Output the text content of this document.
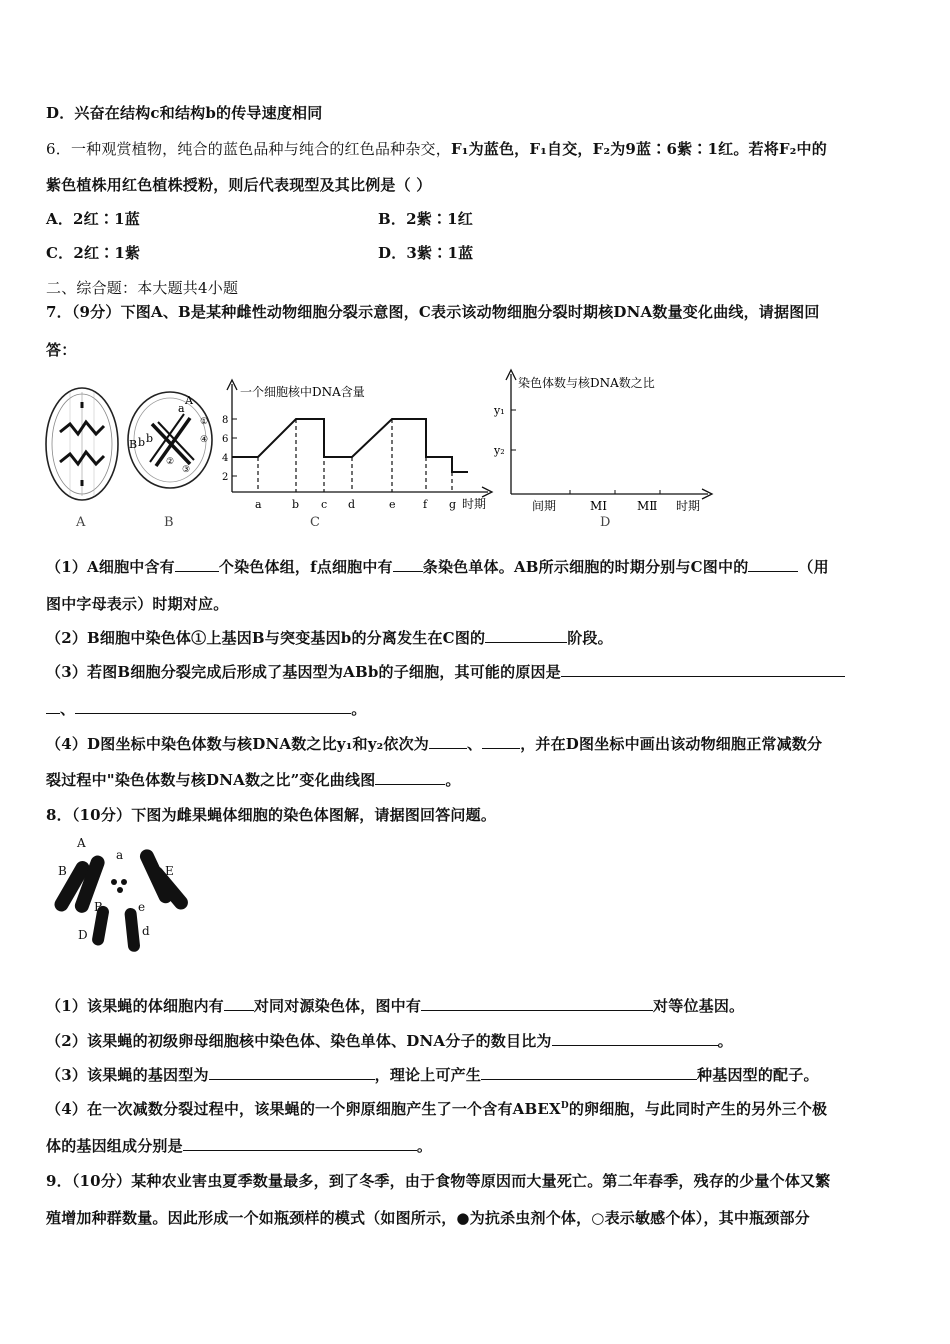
D．兴奋在结构c和结构b的传导速度相同
6．一种观赏植物，纯合的蓝色品种与纯合的红色品种杂交，F₁为蓝色，F₁自交，F₂为9蓝∶6紫∶1红。若将F₂中的
紫色植株用红色植株授粉，则后代表现型及其比例是（ ）
A．2红∶1蓝	B．2紫∶1红
C．2红∶1紫	D．3紫∶1蓝
二、综合题：本大题共4小题
7．（9分）下图A、B是某种雌性动物细胞分裂示意图，C表示该动物细胞分裂时期核DNA数量变化曲线，请据图回
答：
A
A
a
B b b
①
②
③
④
B
一个细胞核中DNA含量
8
6
4
2
a	b c d	e f g 时期
C
染色体数与核DNA数之比
y₁
y₂
间期	MⅠ MⅡ 时期
D
（1）A细胞中含有	个染色体组，f点细胞中有 条染色单体。AB所示细胞的时期分别与C图中的	（用
图中字母表示）时期对应。
（2）B细胞中染色体①上基因B与突变基因b的分离发生在C图的	阶段。
（3）若图B细胞分裂完成后形成了基因型为ABb的子细胞，其可能的原因是
、	。
（4）D图坐标中染色体数与核DNA数之比y₁和y₂依次为	、	，并在D图坐标中画出该动物细胞正常减数分
裂过程中"染色体数与核DNA数之比”变化曲线图	。
8．（10分）下图为雌果蝇体细胞的染色体图解，请据图回答问题。
A
a
B	E
B	e
D	d
（1）该果蝇的体细胞内有 对同对源染色体，图中有	对等位基因。
（2）该果蝇的初级卵母细胞核中染色体、染色单体、DNA分子的数目比为	。
（3）该果蝇的基因型为	，理论上可产生	种基因型的配子。
（4）在一次减数分裂过程中，该果蝇的一个卵原细胞产生了一个含有$ABEX^D$的卵细胞，与此同时产生的另外三个极
体的基因组成分别是	。
9．（10分）某种农业害虫夏季数量最多，到了冬季，由于食物等原因而大量死亡。第二年春季，残存的少量个体又繁
殖增加种群数量。因此形成一个如瓶颈样的模式（如图所示，●为抗杀虫剂个体，○表示敏感个体），其中瓶颈部分
